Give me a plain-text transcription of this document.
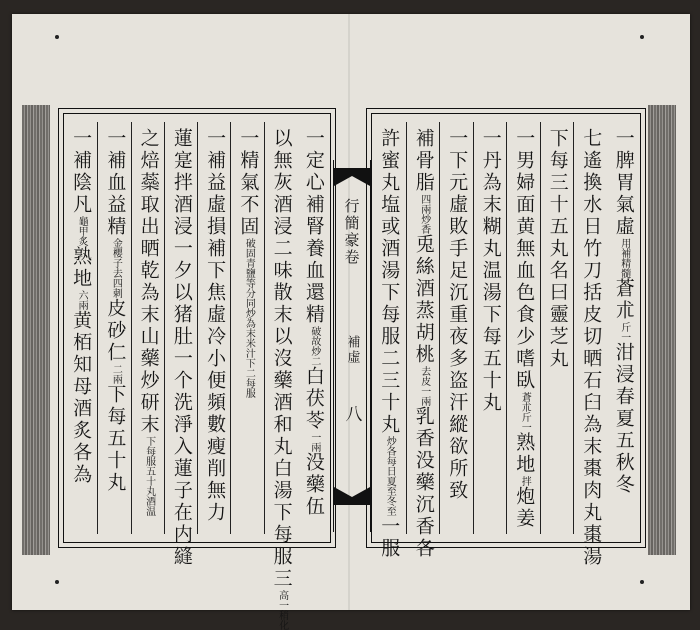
一定心補腎養血還精破故炒二白茯苓一兩没藥伍
以無灰酒浸二味散末以沒藥酒和丸白湯下每服三高一稍化
一精氣不固破固青鹽等分同炒為末米汁下二每服
一補益虛損補下焦虛冷小便頻數瘦削無力
蓮寔拌酒浸一夕以猪肚一个洗淨入蓮子在内縫
之焙蘂取出晒乾為末山藥炒研末下每服五十丸酒温
一補血益精金櫻子去四刺皮砂仁二兩下每五十丸
一補陰凡龜甲炙熟地六兩黄栢知母酒炙各為
行簡豪卷
補虛
八
一脾胃氣虛用補精髓蒼朮斤一泔浸春夏五秋冬
七遙換水日竹刀括皮切晒石臼為末棗肉丸棗湯
下每三十五丸名曰靈芝丸
一男婦面黄無血色食少嗜臥蒼朮斤一熟地拌炮姜
一丹為末糊丸温湯下每五十丸
一下元虛敗手足沉重夜多盗汗縱欲所致
補骨脂四兩炒香兎絲酒蒸胡桃去皮一兩乳香没藥沉香各
許蜜丸塩或酒湯下每服二三十丸炒各每日夏至冬至一服
